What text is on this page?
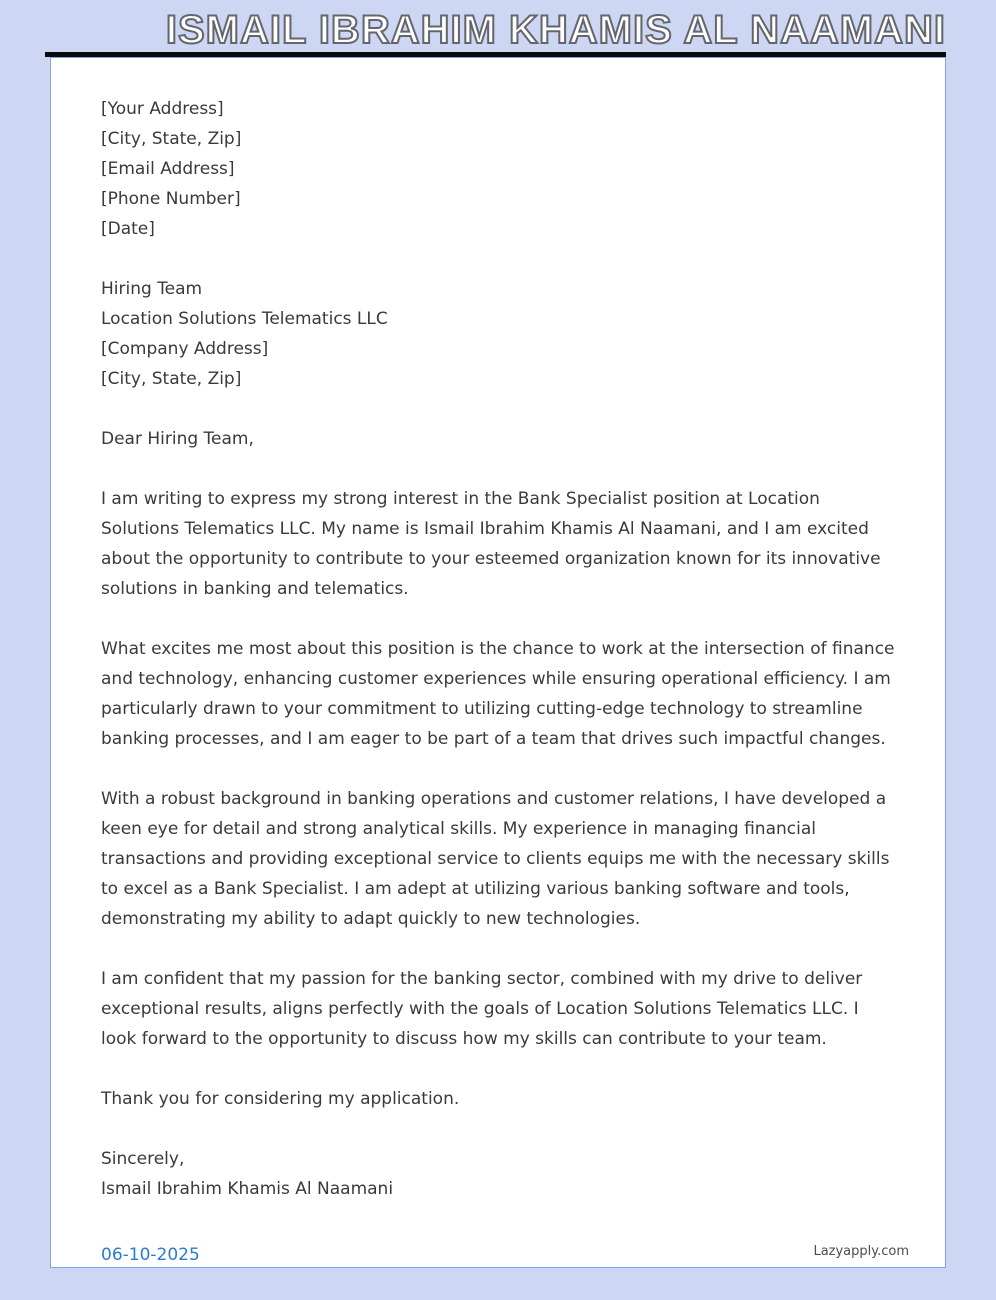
ISMAIL IBRAHIM KHAMIS AL NAAMANI
[Your Address]
[City, State, Zip]
[Email Address]
[Phone Number]
[Date]
Hiring Team
Location Solutions Telematics LLC
[Company Address]
[City, State, Zip]
Dear Hiring Team,

I am writing to express my strong interest in the Bank Specialist position at Location Solutions Telematics LLC. My name is Ismail Ibrahim Khamis Al Naamani, and I am excited about the opportunity to contribute to your esteemed organization known for its innovative solutions in banking and telematics.

What excites me most about this position is the chance to work at the intersection of finance and technology, enhancing customer experiences while ensuring operational efficiency. I am particularly drawn to your commitment to utilizing cutting-edge technology to streamline banking processes, and I am eager to be part of a team that drives such impactful changes.

With a robust background in banking operations and customer relations, I have developed a keen eye for detail and strong analytical skills. My experience in managing financial transactions and providing exceptional service to clients equips me with the necessary skills to excel as a Bank Specialist. I am adept at utilizing various banking software and tools, demonstrating my ability to adapt quickly to new technologies.

I am confident that my passion for the banking sector, combined with my drive to deliver exceptional results, aligns perfectly with the goals of Location Solutions Telematics LLC. I look forward to the opportunity to discuss how my skills can contribute to your team.

Thank you for considering my application.

Sincerely,
Ismail Ibrahim Khamis Al Naamani
06-10-2025	Lazyapply.com
